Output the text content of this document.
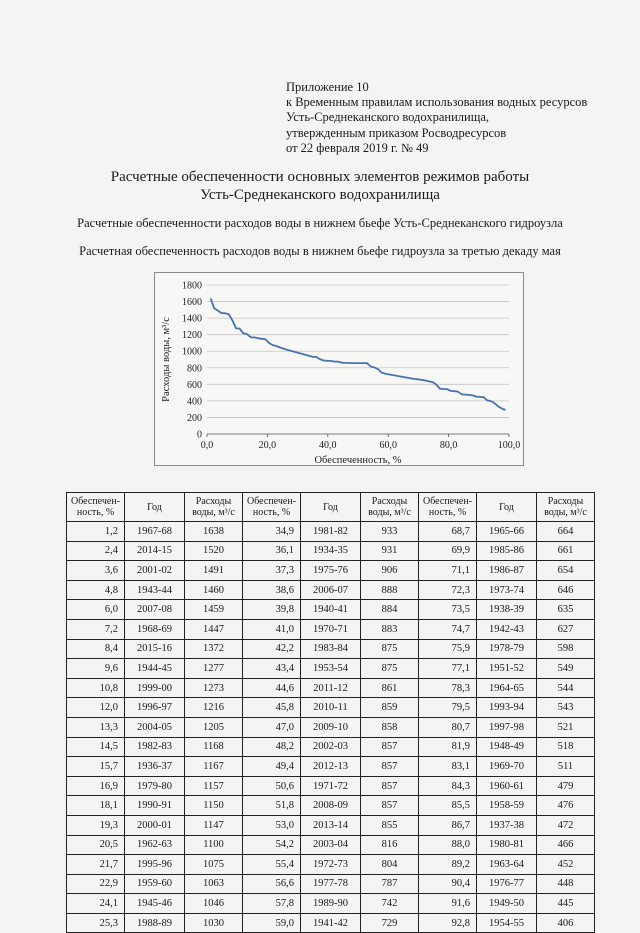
Приложение 10
к Временным правилам использования водных ресурсов
Усть-Среднеканского водохранилища,
утвержденным приказом Росводресурсов
от 22 февраля 2019 г. № 49
Расчетные обеспеченности основных элементов режимов работы
Усть-Среднеканского водохранилища
Расчетные обеспеченности расходов воды в нижнем бьефе Усть-Среднеканского гидроузла
Расчетная обеспеченность расходов воды в нижнем бьефе гидроузла за третью декаду мая
0
200
400
600
800
1000
1200
1400
1600
1800
0,0	20,0	40,0	60,0	80,0	100,0
Обеспеченность, %
Расходы воды, м³/с
Обеспечен-ность, %	Год	Расходы воды, м³/с	Обеспечен-ность, %	Год	Расходы воды, м³/с	Обеспечен-ность, %	Год	Расходы воды, м³/с
1,2	1967-68	1638	34,9	1981-82	933	68,7	1965-66	664
2,4	2014-15	1520	36,1	1934-35	931	69,9	1985-86	661
3,6	2001-02	1491	37,3	1975-76	906	71,1	1986-87	654
4,8	1943-44	1460	38,6	2006-07	888	72,3	1973-74	646
6,0	2007-08	1459	39,8	1940-41	884	73,5	1938-39	635
7,2	1968-69	1447	41,0	1970-71	883	74,7	1942-43	627
8,4	2015-16	1372	42,2	1983-84	875	75,9	1978-79	598
9,6	1944-45	1277	43,4	1953-54	875	77,1	1951-52	549
10,8	1999-00	1273	44,6	2011-12	861	78,3	1964-65	544
12,0	1996-97	1216	45,8	2010-11	859	79,5	1993-94	543
13,3	2004-05	1205	47,0	2009-10	858	80,7	1997-98	521
14,5	1982-83	1168	48,2	2002-03	857	81,9	1948-49	518
15,7	1936-37	1167	49,4	2012-13	857	83,1	1969-70	511
16,9	1979-80	1157	50,6	1971-72	857	84,3	1960-61	479
18,1	1990-91	1150	51,8	2008-09	857	85,5	1958-59	476
19,3	2000-01	1147	53,0	2013-14	855	86,7	1937-38	472
20,5	1962-63	1100	54,2	2003-04	816	88,0	1980-81	466
21,7	1995-96	1075	55,4	1972-73	804	89,2	1963-64	452
22,9	1959-60	1063	56,6	1977-78	787	90,4	1976-77	448
24,1	1945-46	1046	57,8	1989-90	742	91,6	1949-50	445
25,3	1988-89	1030	59,0	1941-42	729	92,8	1954-55	406
